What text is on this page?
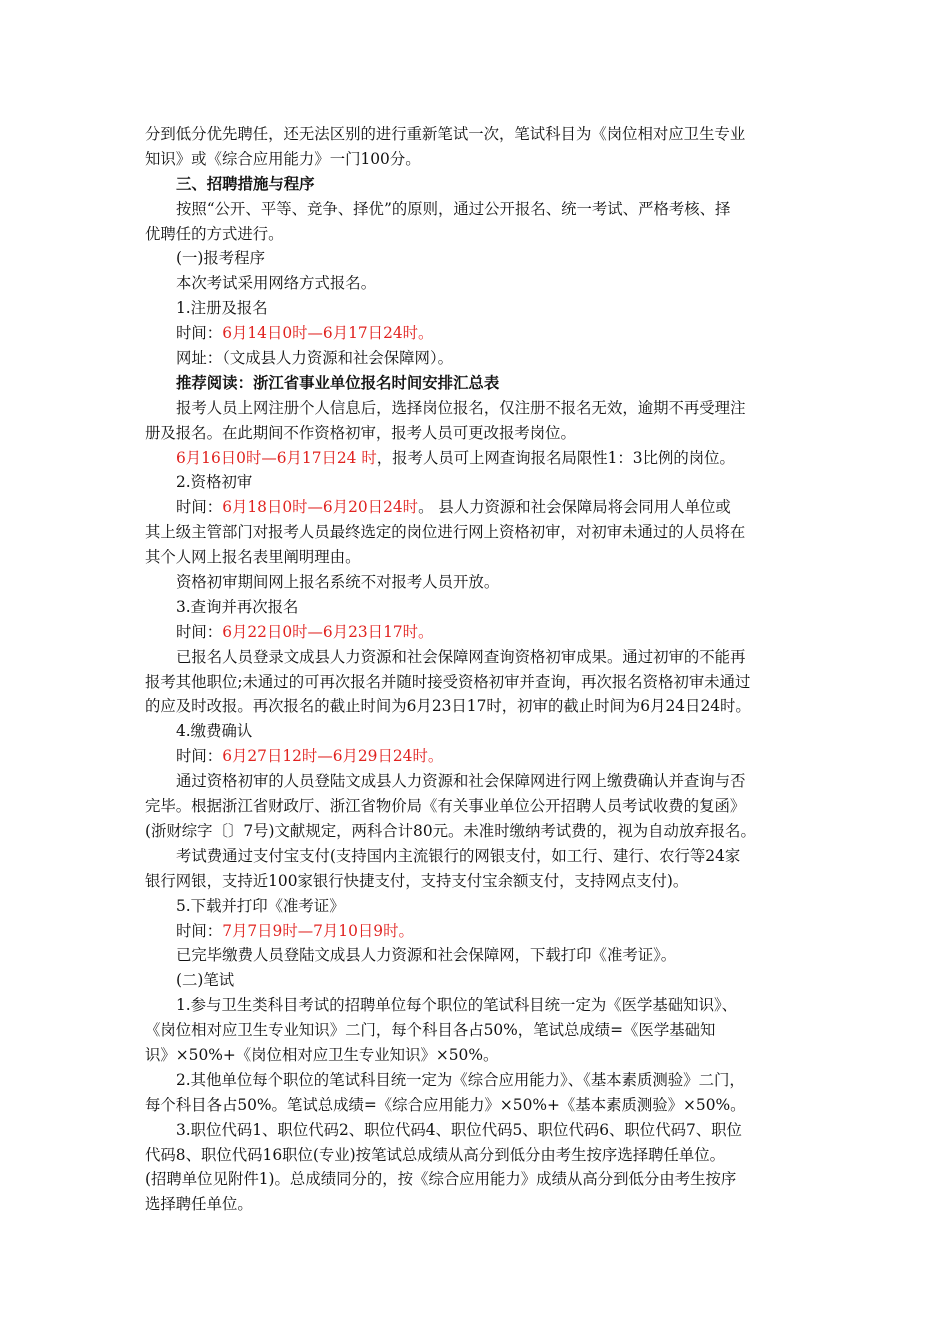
分到低分优先聘任，还无法区别的进行重新笔试一次，笔试科目为《岗位相对应卫生专业
知识》或《综合应用能力》一门100分。
三、招聘措施与程序
按照“公开、平等、竞争、择优”的原则，通过公开报名、统一考试、严格考核、择
优聘任的方式进行。
(一)报考程序
本次考试采用网络方式报名。
1.注册及报名
时间：6月14日0时—6月17日24时。
网址：（文成县人力资源和社会保障网）。
推荐阅读：浙江省事业单位报名时间安排汇总表
报考人员上网注册个人信息后，选择岗位报名，仅注册不报名无效，逾期不再受理注
册及报名。在此期间不作资格初审，报考人员可更改报考岗位。
6月16日0时—6月17日24 时，报考人员可上网查询报名局限性1：3比例的岗位。
2.资格初审
时间：6月18日0时—6月20日24时。 县人力资源和社会保障局将会同用人单位或
其上级主管部门对报考人员最终选定的岗位进行网上资格初审，对初审未通过的人员将在
其个人网上报名表里阐明理由。
资格初审期间网上报名系统不对报考人员开放。
3.查询并再次报名
时间：6月22日0时—6月23日17时。
已报名人员登录文成县人力资源和社会保障网查询资格初审成果。通过初审的不能再
报考其他职位;未通过的可再次报名并随时接受资格初审并查询，再次报名资格初审未通过
的应及时改报。再次报名的截止时间为6月23日17时，初审的截止时间为6月24日24时。
4.缴费确认
时间：6月27日12时—6月29日24时。
通过资格初审的人员登陆文成县人力资源和社会保障网进行网上缴费确认并查询与否
完毕。根据浙江省财政厅、浙江省物价局《有关事业单位公开招聘人员考试收费的复函》
(浙财综字〔〕7号)文献规定，两科合计80元。未准时缴纳考试费的，视为自动放弃报名。
考试费通过支付宝支付(支持国内主流银行的网银支付，如工行、建行、农行等24家
银行网银，支持近100家银行快捷支付，支持支付宝余额支付，支持网点支付)。
5.下载并打印《准考证》
时间：7月7日9时—7月10日9时。
已完毕缴费人员登陆文成县人力资源和社会保障网，下载打印《准考证》。
(二)笔试
1.参与卫生类科目考试的招聘单位每个职位的笔试科目统一定为《医学基础知识》、
《岗位相对应卫生专业知识》二门，每个科目各占50%，笔试总成绩=《医学基础知
识》×50%+《岗位相对应卫生专业知识》×50%。
2.其他单位每个职位的笔试科目统一定为《综合应用能力》、《基本素质测验》二门，
每个科目各占50%。笔试总成绩=《综合应用能力》×50%+《基本素质测验》×50%。
3.职位代码1、职位代码2、职位代码4、职位代码5、职位代码6、职位代码7、职位
代码8、职位代码16职位(专业)按笔试总成绩从高分到低分由考生按序选择聘任单位。
(招聘单位见附件1)。总成绩同分的，按《综合应用能力》成绩从高分到低分由考生按序
选择聘任单位。
